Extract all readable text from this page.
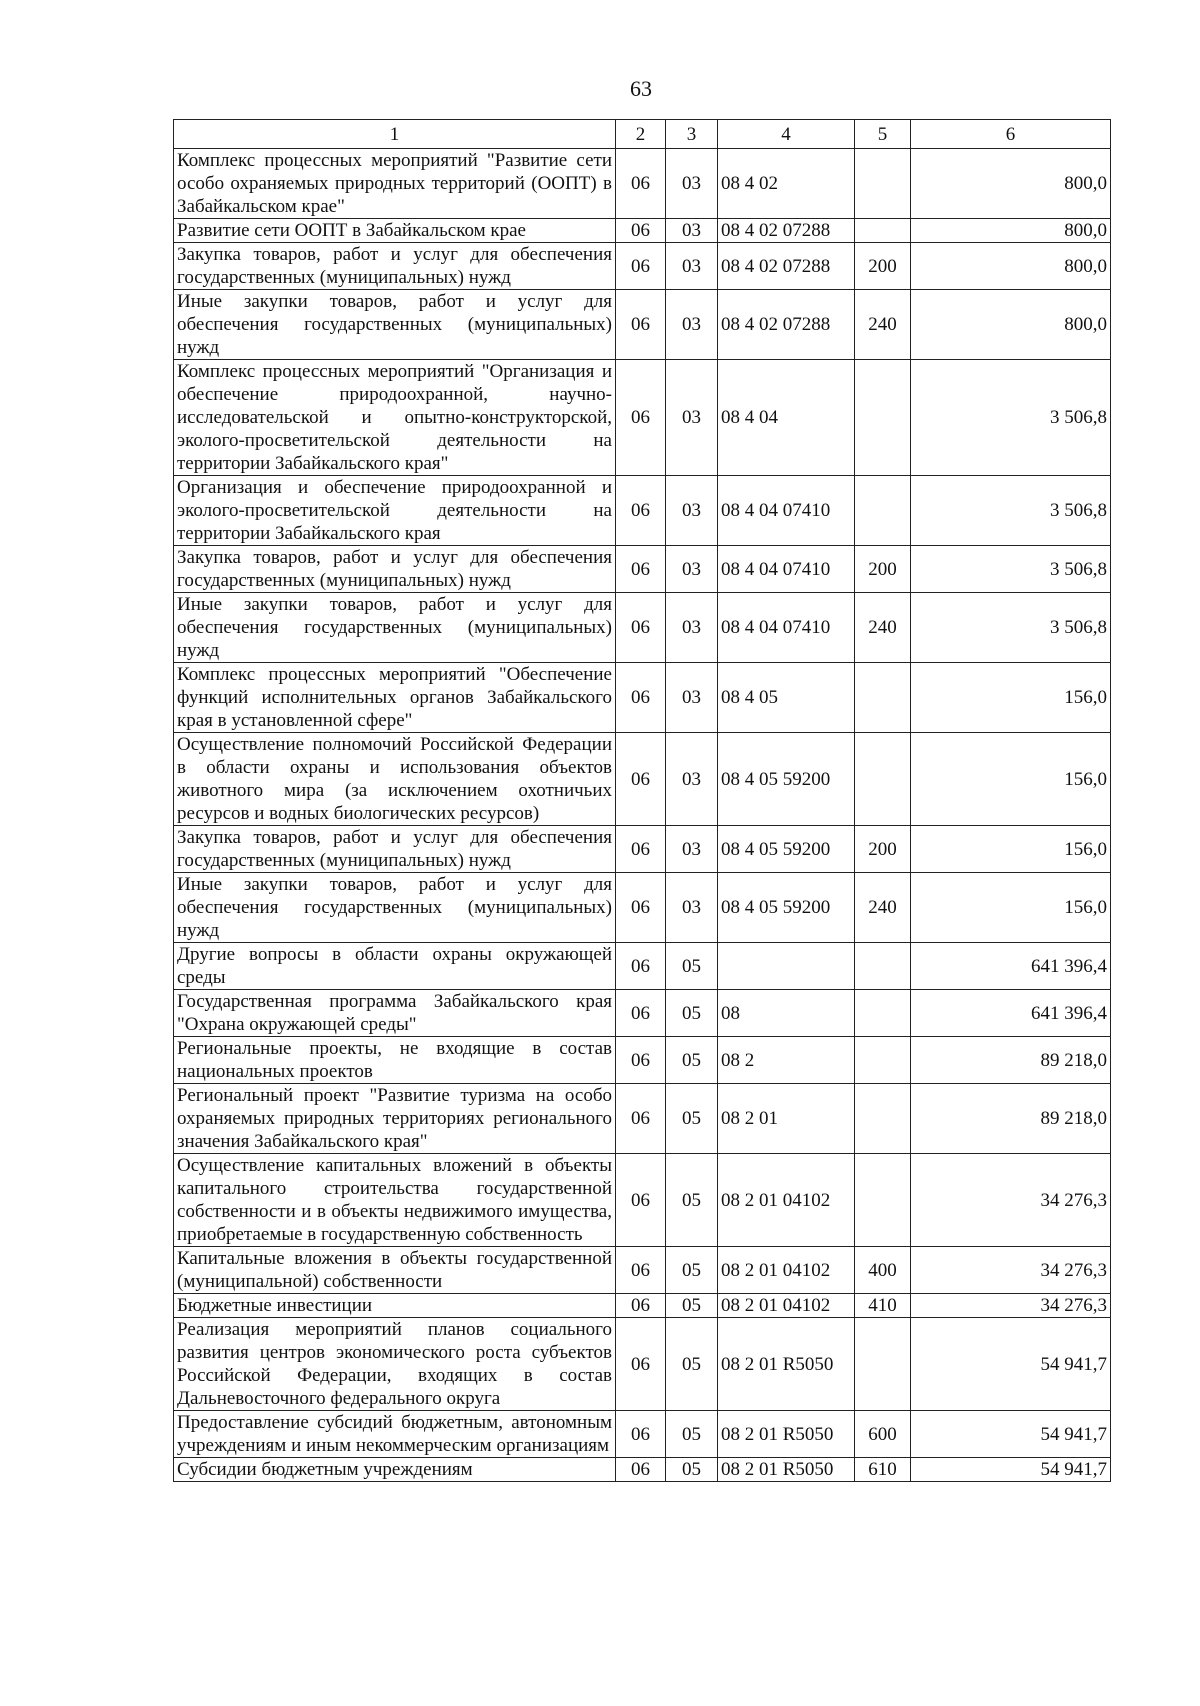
63
1	2	3	4	5	6
Комплекс процессных мероприятий "Развитие сети особо охраняемых природных территорий (ООПТ) в Забайкальском крае"	06	03	08 4 02		800,0
Развитие сети ООПТ в Забайкальском крае	06	03	08 4 02 07288		800,0
Закупка товаров, работ и услуг для обеспечения государственных (муниципальных) нужд	06	03	08 4 02 07288	200	800,0
Иные закупки товаров, работ и услуг для обеспечения государственных (муниципальных) нужд	06	03	08 4 02 07288	240	800,0
Комплекс процессных мероприятий "Организация и обеспечение природоохранной, научно-исследовательской и опытно-конструкторской, эколого-просветительской деятельности на территории Забайкальского края"	06	03	08 4 04		3 506,8
Организация и обеспечение природоохранной и эколого-просветительской деятельности на территории Забайкальского края	06	03	08 4 04 07410		3 506,8
Закупка товаров, работ и услуг для обеспечения государственных (муниципальных) нужд	06	03	08 4 04 07410	200	3 506,8
Иные закупки товаров, работ и услуг для обеспечения государственных (муниципальных) нужд	06	03	08 4 04 07410	240	3 506,8
Комплекс процессных мероприятий "Обеспечение функций исполнительных органов Забайкальского края в установленной сфере"	06	03	08 4 05		156,0
Осуществление полномочий Российской Федерации в области охраны и использования объектов животного мира (за исключением охотничьих ресурсов и водных биологических ресурсов)	06	03	08 4 05 59200		156,0
Закупка товаров, работ и услуг для обеспечения государственных (муниципальных) нужд	06	03	08 4 05 59200	200	156,0
Иные закупки товаров, работ и услуг для обеспечения государственных (муниципальных) нужд	06	03	08 4 05 59200	240	156,0
Другие вопросы в области охраны окружающей среды	06	05			641 396,4
Государственная программа Забайкальского края "Охрана окружающей среды"	06	05	08		641 396,4
Региональные проекты, не входящие в состав национальных проектов	06	05	08 2		89 218,0
Региональный проект "Развитие туризма на особо охраняемых природных территориях регионального значения Забайкальского края"	06	05	08 2 01		89 218,0
Осуществление капитальных вложений в объекты капитального строительства государственной собственности и в объекты недвижимого имущества, приобретаемые в государственную собственность	06	05	08 2 01 04102		34 276,3
Капитальные вложения в объекты государственной (муниципальной) собственности	06	05	08 2 01 04102	400	34 276,3
Бюджетные инвестиции	06	05	08 2 01 04102	410	34 276,3
Реализация мероприятий планов социального развития центров экономического роста субъектов Российской Федерации, входящих в состав Дальневосточного федерального округа	06	05	08 2 01 R5050		54 941,7
Предоставление субсидий бюджетным, автономным учреждениям и иным некоммерческим организациям	06	05	08 2 01 R5050	600	54 941,7
Субсидии бюджетным учреждениям	06	05	08 2 01 R5050	610	54 941,7
